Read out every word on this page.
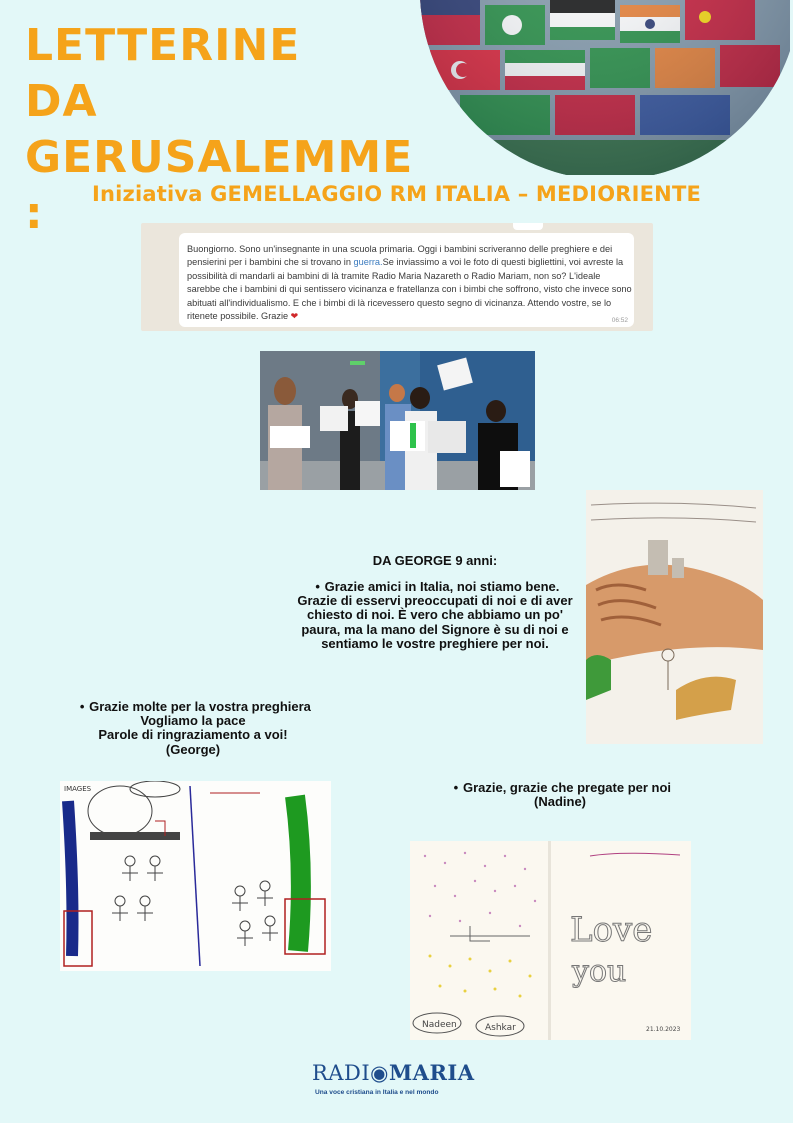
LETTERINE DA
GERUSALEMME :	Iniziativa GEMELLAGGIO RM ITALIA – MEDIORIENTE
Buongiorno. Sono un'insegnante in una scuola primaria. Oggi i bambini scriveranno delle preghiere e dei pensierini per i bambini che si trovano in guerra.Se inviassimo a voi le foto di questi bigliettini, voi avreste la possibilità di mandarli ai bambini di là tramite Radio Maria Nazareth o Radio Mariam, non so? L'ideale sarebbe che i bambini di qui sentissero vicinanza e fratellanza con i bimbi che soffrono, visto che invece sono abituati all'individualismo. E che i bimbi di là ricevessero questo segno di vicinanza. Attendo vostre, se lo ritenete possibile. Grazie ❤	06:52
DA GEORGE 9 anni:
• Grazie amici in Italia, noi stiamo bene. Grazie di esservi preoccupati di noi e di aver chiesto di noi. È vero che abbiamo un po' paura, ma la mano del Signore è su di noi e sentiamo le vostre preghiere per noi.
• Grazie molte per la vostra preghiera
Vogliamo la pace
Parole di ringraziamento a voi!
(George)
IMAGES	• Grazie, grazie che pregate per noi
(Nadine)
Nadeen	Ashkar
Love
you
21.10.2023
RADI◉MARIA
Una voce cristiana in Italia e nel mondo
